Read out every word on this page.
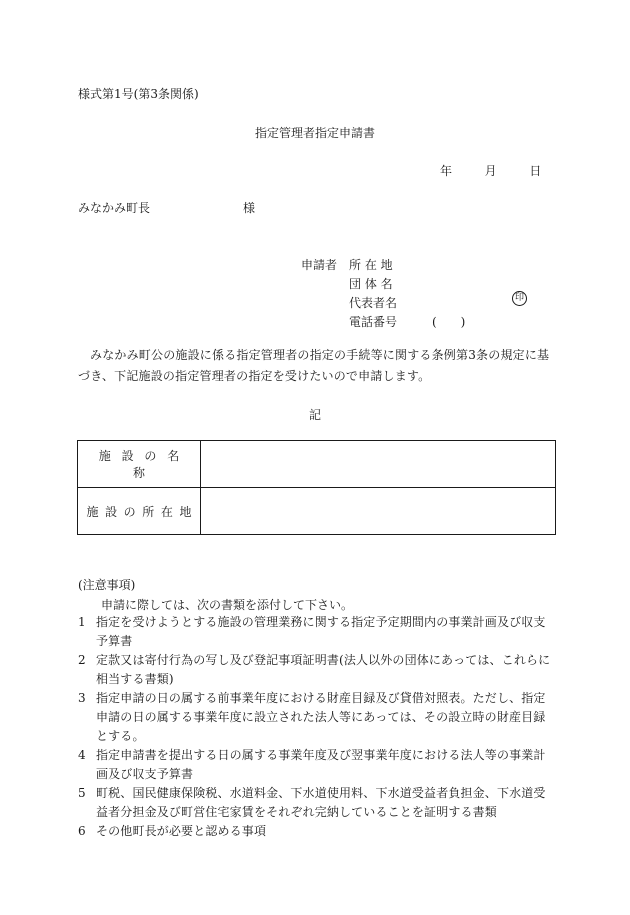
様式第1号(第3条関係)
指定管理者指定申請書
年	月	日
みなかみ町長	様
申請者 所 在 地
団 体 名
代表者名	印
電話番号	(　　)
みなかみ町公の施設に係る指定管理者の指定の手続等に関する条例第3条の規定に基づき、下記施設の指定管理者の指定を受けたいので申請します。
記
施設の名称	
施設の所在地	
(注意事項)
申請に際しては、次の書類を添付して下さい。
1 指定を受けようとする施設の管理業務に関する指定予定期間内の事業計画及び収支予算書
2 定款又は寄付行為の写し及び登記事項証明書(法人以外の団体にあっては、これらに相当する書類)
3 指定申請の日の属する前事業年度における財産目録及び貸借対照表。ただし、指定申請の日の属する事業年度に設立された法人等にあっては、その設立時の財産目録とする。
4 指定申請書を提出する日の属する事業年度及び翌事業年度における法人等の事業計画及び収支予算書
5 町税、国民健康保険税、水道料金、下水道使用料、下水道受益者負担金、下水道受益者分担金及び町営住宅家賃をそれぞれ完納していることを証明する書類
6 その他町長が必要と認める事項
